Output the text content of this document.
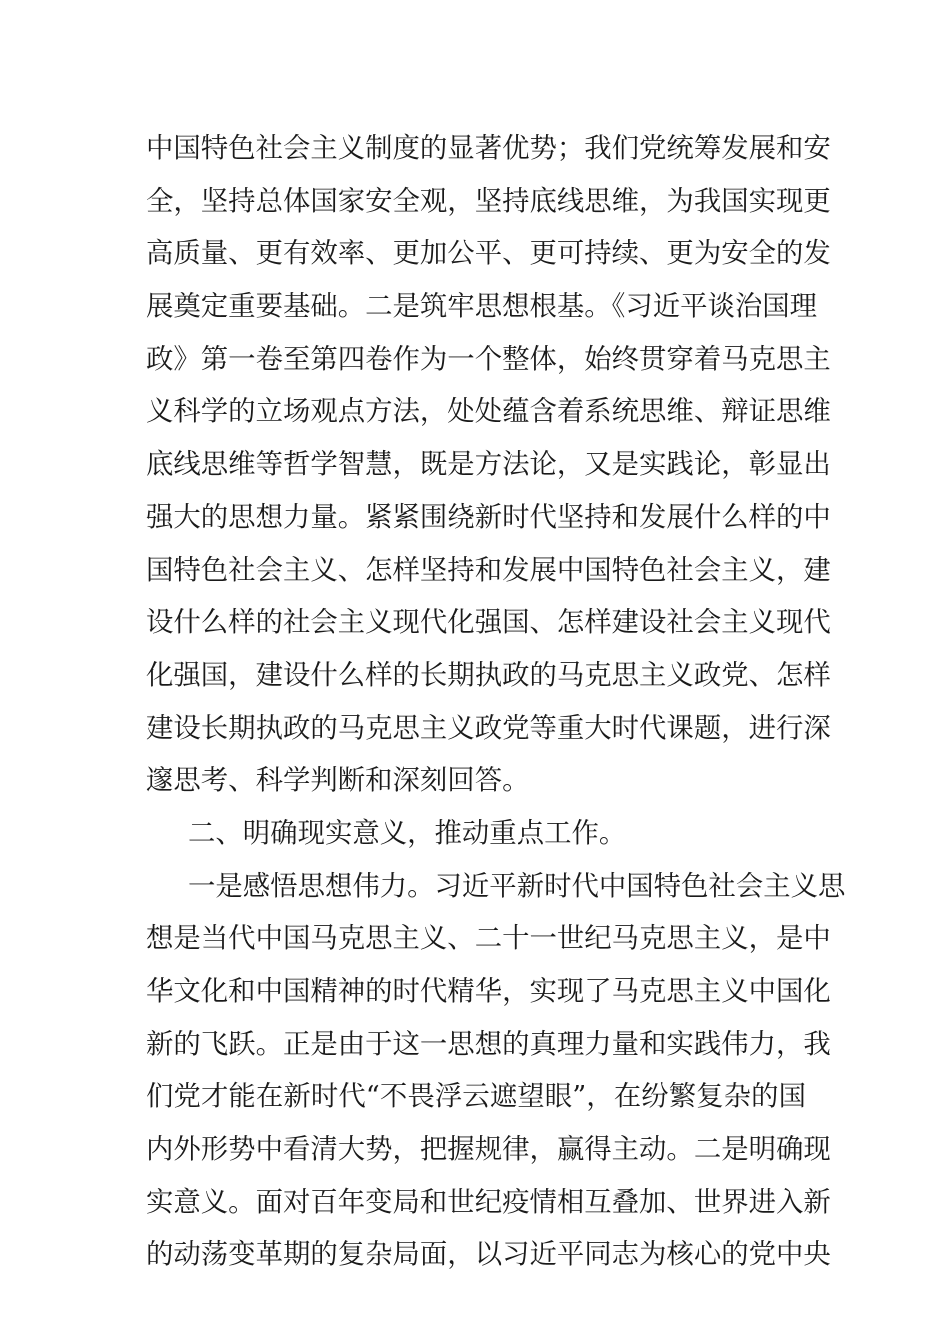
中国特色社会主义制度的显著优势；我们党统筹发展和安
全，坚持总体国家安全观，坚持底线思维，为我国实现更
高质量、更有效率、更加公平、更可持续、更为安全的发
展奠定重要基础。二是筑牢思想根基。《习近平谈治国理
政》第一卷至第四卷作为一个整体，始终贯穿着马克思主
义科学的立场观点方法，处处蕴含着系统思维、辩证思维
底线思维等哲学智慧，既是方法论，又是实践论，彰显出
强大的思想力量。紧紧围绕新时代坚持和发展什么样的中
国特色社会主义、怎样坚持和发展中国特色社会主义，建
设什么样的社会主义现代化强国、怎样建设社会主义现代
化强国，建设什么样的长期执政的马克思主义政党、怎样
建设长期执政的马克思主义政党等重大时代课题，进行深
邃思考、科学判断和深刻回答。
二、明确现实意义，推动重点工作。
一是感悟思想伟力。习近平新时代中国特色社会主义思
想是当代中国马克思主义、二十一世纪马克思主义，是中
华文化和中国精神的时代精华，实现了马克思主义中国化
新的飞跃。正是由于这一思想的真理力量和实践伟力，我
们党才能在新时代“不畏浮云遮望眼”，在纷繁复杂的国
内外形势中看清大势，把握规律，赢得主动。二是明确现
实意义。面对百年变局和世纪疫情相互叠加、世界进入新
的动荡变革期的复杂局面，以习近平同志为核心的党中央
